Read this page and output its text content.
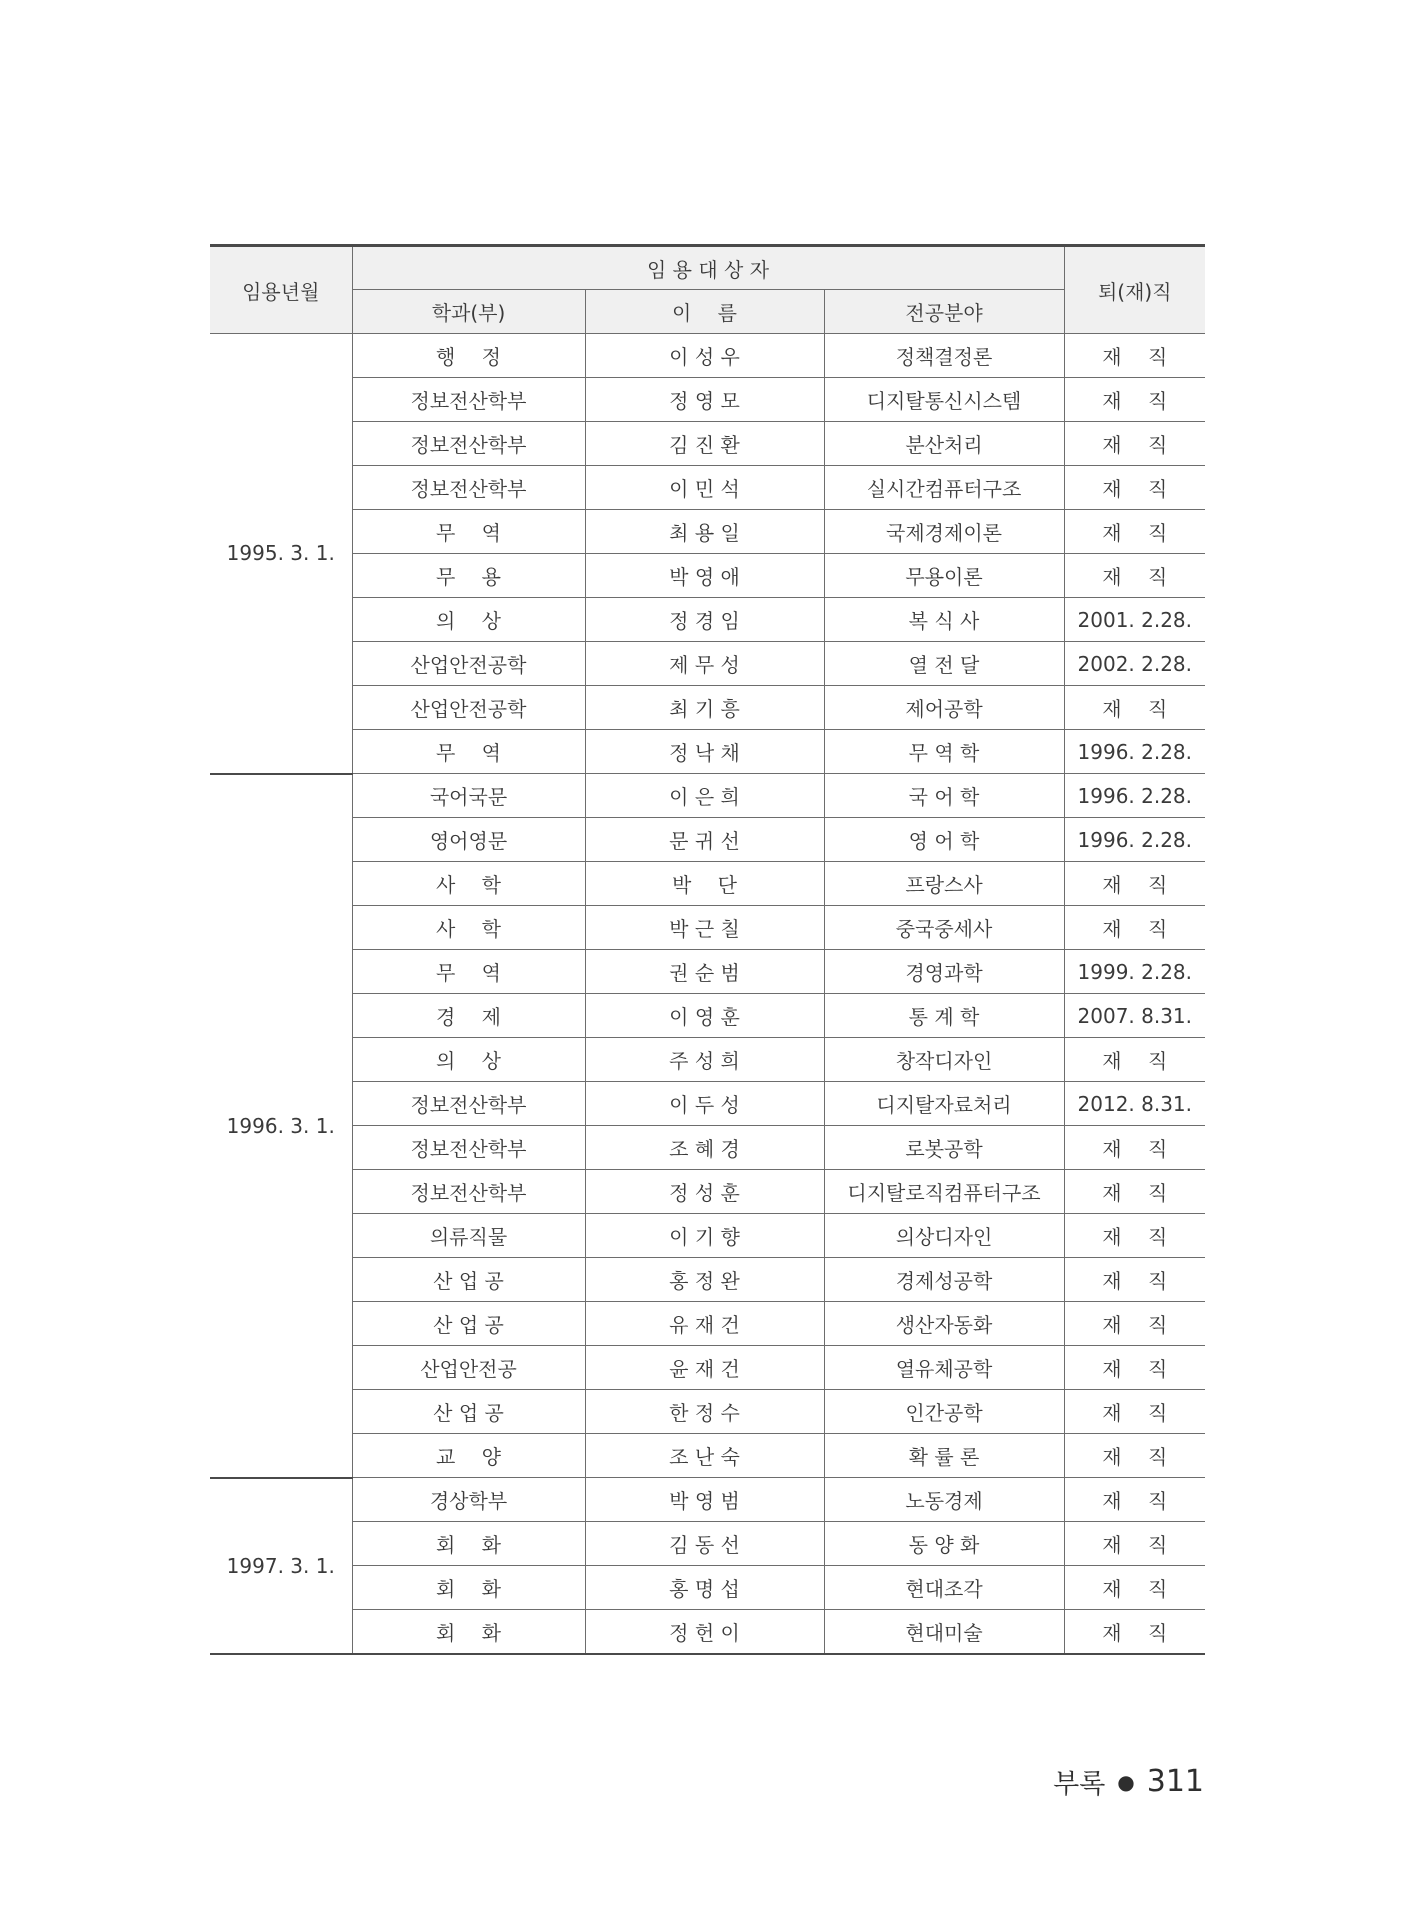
임용년월	임 용 대 상 자			퇴(재)직
	학과(부)	이　 름	전공분야	
1995. 3. 1.	행　 정	이 성 우	정책결정론	재　 직
	정보전산학부	정 영 모	디지탈통신시스템	재　 직
	정보전산학부	김 진 환	분산처리	재　 직
	정보전산학부	이 민 석	실시간컴퓨터구조	재　 직
	무　 역	최 용 일	국제경제이론	재　 직
	무　 용	박 영 애	무용이론	재　 직
	의　 상	정 경 임	복 식 사	2001. 2.28.
	산업안전공학	제 무 성	열 전 달	2002. 2.28.
	산업안전공학	최 기 흥	제어공학	재　 직
	무　 역	정 낙 채	무 역 학	1996. 2.28.
1996. 3. 1.	국어국문	이 은 희	국 어 학	1996. 2.28.
	영어영문	문 귀 선	영 어 학	1996. 2.28.
	사　 학	박　 단	프랑스사	재　 직
	사　 학	박 근 칠	중국중세사	재　 직
	무　 역	권 순 범	경영과학	1999. 2.28.
	경　 제	이 영 훈	통 계 학	2007. 8.31.
	의　 상	주 성 희	창작디자인	재　 직
	정보전산학부	이 두 성	디지탈자료처리	2012. 8.31.
	정보전산학부	조 혜 경	로봇공학	재　 직
	정보전산학부	정 성 훈	디지탈로직컴퓨터구조	재　 직
	의류직물	이 기 향	의상디자인	재　 직
	산 업 공	홍 정 완	경제성공학	재　 직
	산 업 공	유 재 건	생산자동화	재　 직
	산업안전공	윤 재 건	열유체공학	재　 직
	산 업 공	한 정 수	인간공학	재　 직
	교　 양	조 난 숙	확 률 론	재　 직
1997. 3. 1.	경상학부	박 영 범	노동경제	재　 직
	회　 화	김 동 선	동 양 화	재　 직
	회　 화	홍 명 섭	현대조각	재　 직
	회　 화	정 헌 이	현대미술	재　 직
부록 ● 311
